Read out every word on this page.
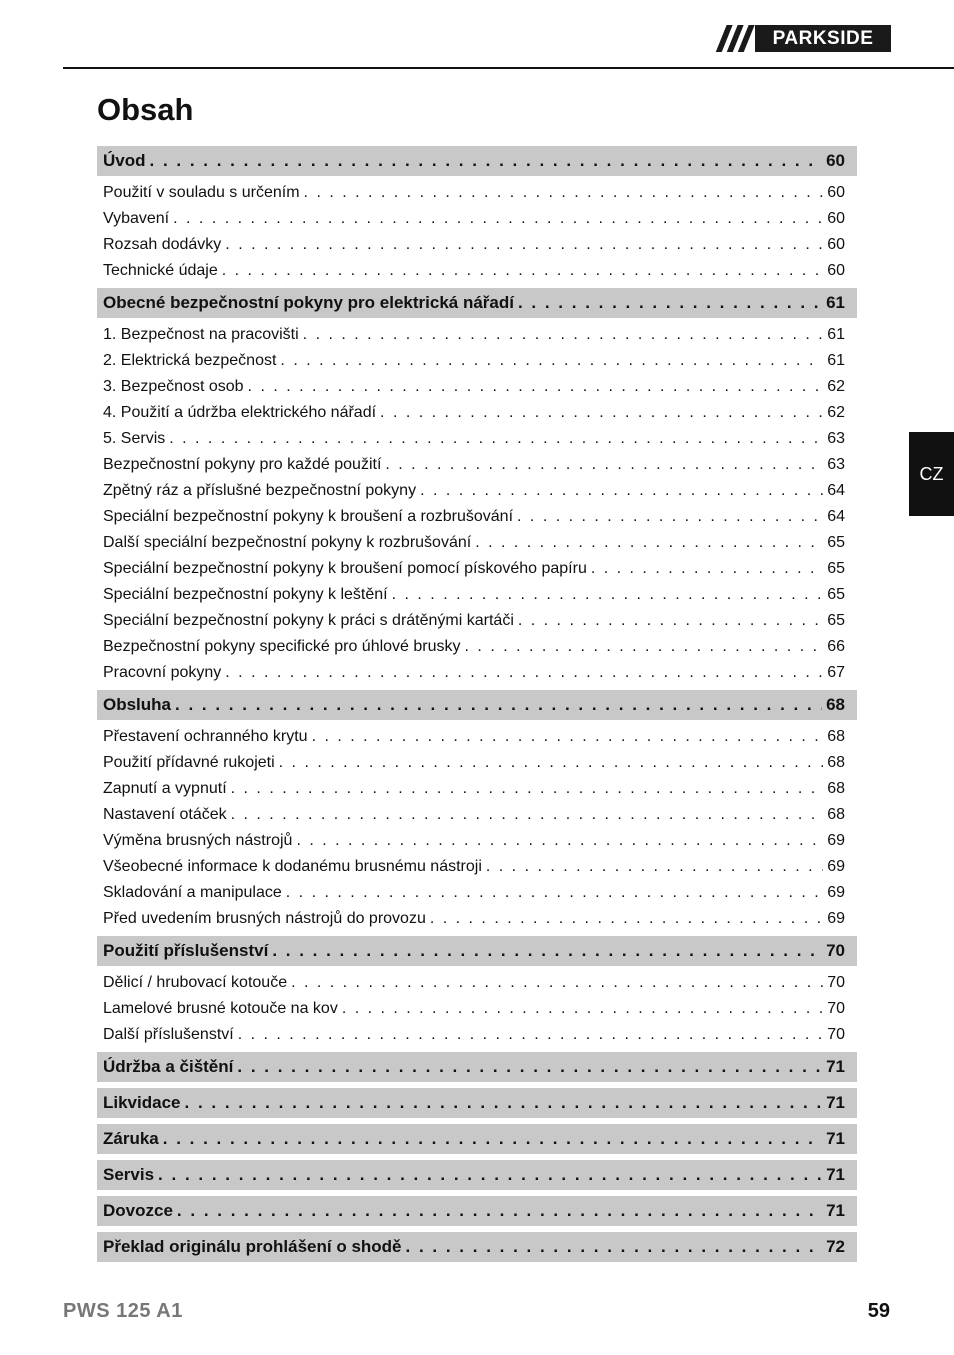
PARKSIDE
Obsah
Úvod . . .	60
Použití v souladu s určením . . .	60
Vybavení . . .	60
Rozsah dodávky . . .	60
Technické údaje . . .	60
Obecné bezpečnostní pokyny pro elektrická nářadí . . .	61
1. Bezpečnost na pracovišti . . .	61
2. Elektrická bezpečnost . . .	61
3. Bezpečnost osob . . .	62
4. Použití a údržba elektrického nářadí . . .	62
5. Servis . . .	63
Bezpečnostní pokyny pro každé použití . . .	63
Zpětný ráz a příslušné bezpečnostní pokyny . . .	64
Speciální bezpečnostní pokyny k broušení a rozbrušování . . .	64
Další speciální bezpečnostní pokyny k rozbrušování . . .	65
Speciální bezpečnostní pokyny k broušení pomocí pískového papíru . . .	65
Speciální bezpečnostní pokyny k leštění . . .	65
Speciální bezpečnostní pokyny k práci s drátěnými kartáči . . .	65
Bezpečnostní pokyny specifické pro úhlové brusky . . .	66
Pracovní pokyny . . .	67
Obsluha . . .	68
Přestavení ochranného krytu . . .	68
Použití přídavné rukojeti . . .	68
Zapnutí a vypnutí . . .	68
Nastavení otáček . . .	68
Výměna brusných nástrojů . . .	69
Všeobecné informace k dodanému brusnému nástroji . . .	69
Skladování a manipulace . . .	69
Před uvedením brusných nástrojů do provozu . . .	69
Použití příslušenství . . .	70
Dělicí / hrubovací kotouče . . .	70
Lamelové brusné kotouče na kov . . .	70
Další příslušenství . . .	70
Údržba a čištění . . .	71
Likvidace . . .	71
Záruka . . .	71
Servis . . .	71
Dovozce . . .	71
Překlad originálu prohlášení o shodě . . .	72
CZ
PWS 125 A1	59
